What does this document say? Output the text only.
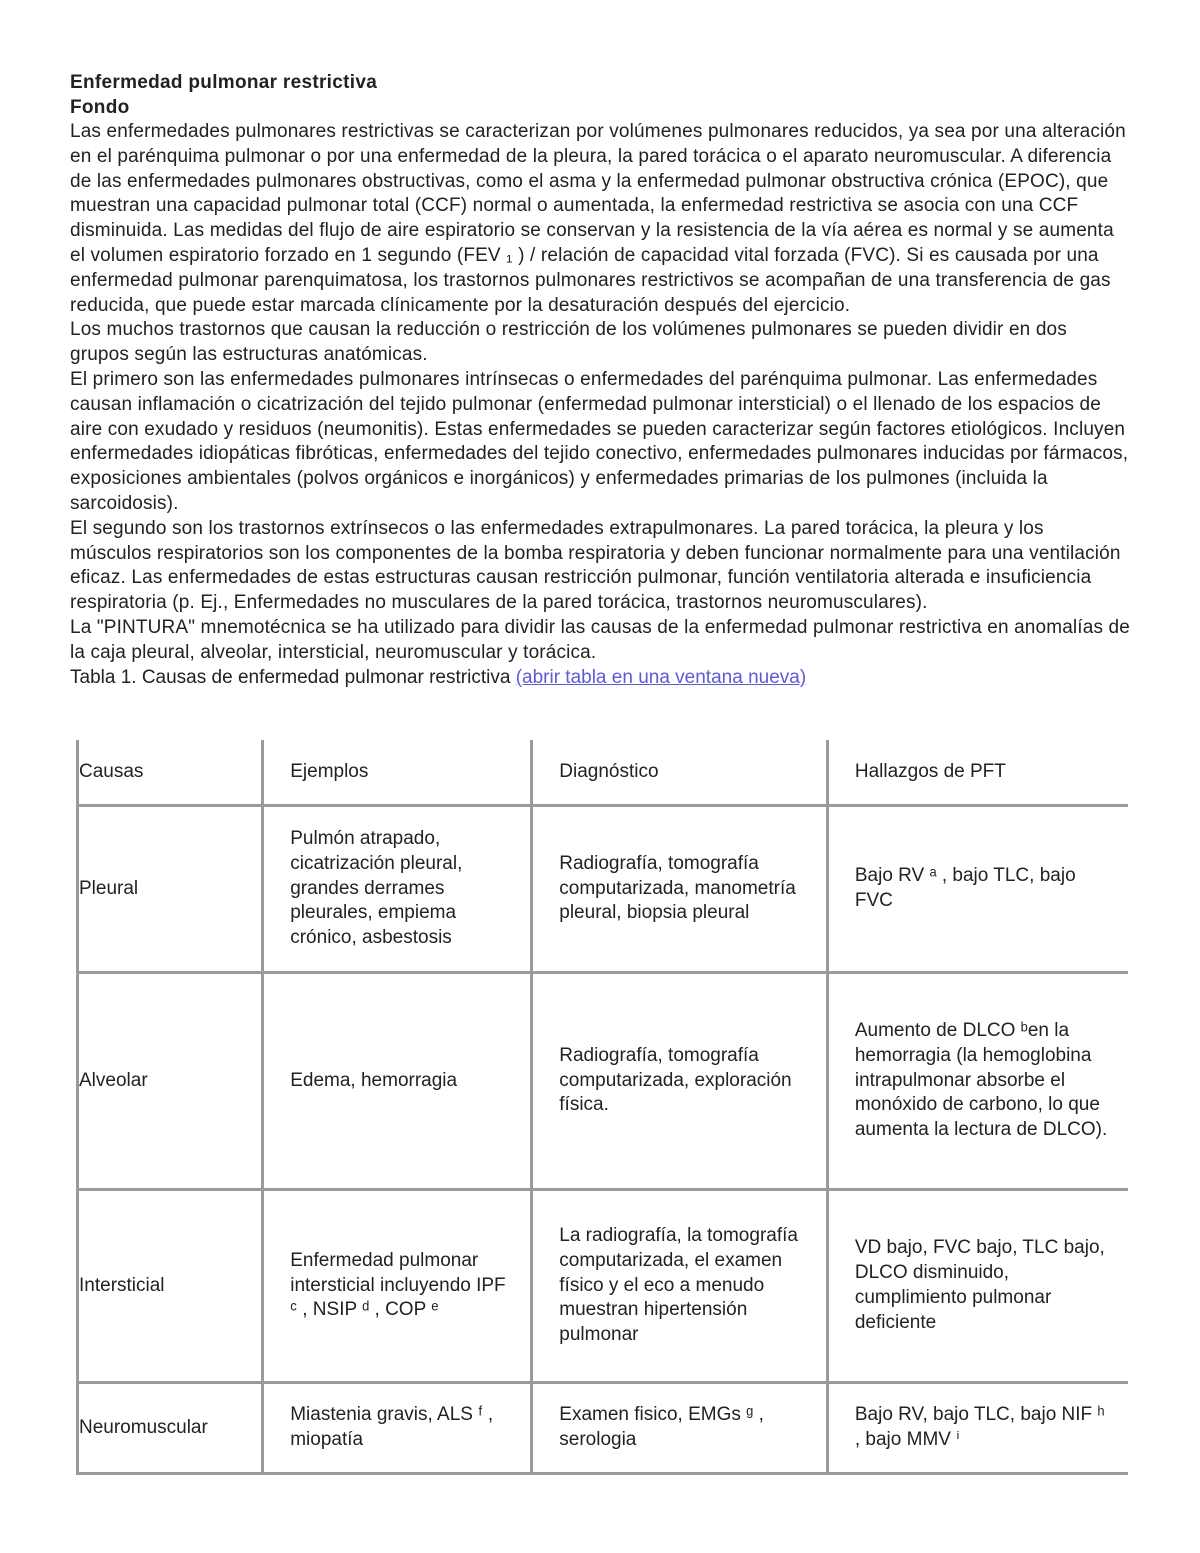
Enfermedad pulmonar restrictiva
Fondo

Las enfermedades pulmonares restrictivas se caracterizan por volúmenes pulmonares reducidos, ya sea por una alteración en el parénquima pulmonar o por una enfermedad de la pleura, la pared torácica o el aparato neuromuscular. A diferencia de las enfermedades pulmonares obstructivas, como el asma y la enfermedad pulmonar obstructiva crónica (EPOC), que muestran una capacidad pulmonar total (CCF) normal o aumentada, la enfermedad restrictiva se asocia con una CCF disminuida. Las medidas del flujo de aire espiratorio se conservan y la resistencia de la vía aérea es normal y se aumenta el volumen espiratorio forzado en 1 segundo (FEV ₁ ) / relación de capacidad vital forzada (FVC). Si es causada por una enfermedad pulmonar parenquimatosa, los trastornos pulmonares restrictivos se acompañan de una transferencia de gas reducida, que puede estar marcada clínicamente por la desaturación después del ejercicio.

Los muchos trastornos que causan la reducción o restricción de los volúmenes pulmonares se pueden dividir en dos grupos según las estructuras anatómicas.

El primero son las enfermedades pulmonares intrínsecas o enfermedades del parénquima pulmonar. Las enfermedades causan inflamación o cicatrización del tejido pulmonar (enfermedad pulmonar intersticial) o el llenado de los espacios de aire con exudado y residuos (neumonitis). Estas enfermedades se pueden caracterizar según factores etiológicos. Incluyen enfermedades idiopáticas fibróticas, enfermedades del tejido conectivo, enfermedades pulmonares inducidas por fármacos, exposiciones ambientales (polvos orgánicos e inorgánicos) y enfermedades primarias de los pulmones (incluida la sarcoidosis).

El segundo son los trastornos extrínsecos o las enfermedades extrapulmonares. La pared torácica, la pleura y los músculos respiratorios son los componentes de la bomba respiratoria y deben funcionar normalmente para una ventilación eficaz. Las enfermedades de estas estructuras causan restricción pulmonar, función ventilatoria alterada e insuficiencia respiratoria (p. Ej., Enfermedades no musculares de la pared torácica, trastornos neuromusculares).

La "PINTURA" mnemotécnica se ha utilizado para dividir las causas de la enfermedad pulmonar restrictiva en anomalías de la caja pleural, alveolar, intersticial, neuromuscular y torácica.

Tabla 1. Causas de enfermedad pulmonar restrictiva (abrir tabla en una ventana nueva)
Causas	Ejemplos	Diagnóstico	Hallazgos de PFT
Pleural	Pulmón atrapado, cicatrización pleural, grandes derrames pleurales, empiema crónico, asbestosis	Radiografía, tomografía computarizada, manometría pleural, biopsia pleural	Bajo RV ᵃ , bajo TLC, bajo FVC
Alveolar	Edema, hemorragia	Radiografía, tomografía computarizada, exploración física.	Aumento de DLCO ᵇen la hemorragia (la hemoglobina intrapulmonar absorbe el monóxido de carbono, lo que aumenta la lectura de DLCO).
Intersticial	Enfermedad pulmonar intersticial incluyendo IPF ᶜ , NSIP ᵈ , COP ᵉ	La radiografía, la tomografía computarizada, el examen físico y el eco a menudo muestran hipertensión pulmonar	VD bajo, FVC bajo, TLC bajo, DLCO disminuido, cumplimiento pulmonar deficiente
Neuromuscular	Miastenia gravis, ALS ᶠ , miopatía	Examen fisico, EMGs ᵍ , serologia	Bajo RV, bajo TLC, bajo NIF ʰ , bajo MMV ⁱ
